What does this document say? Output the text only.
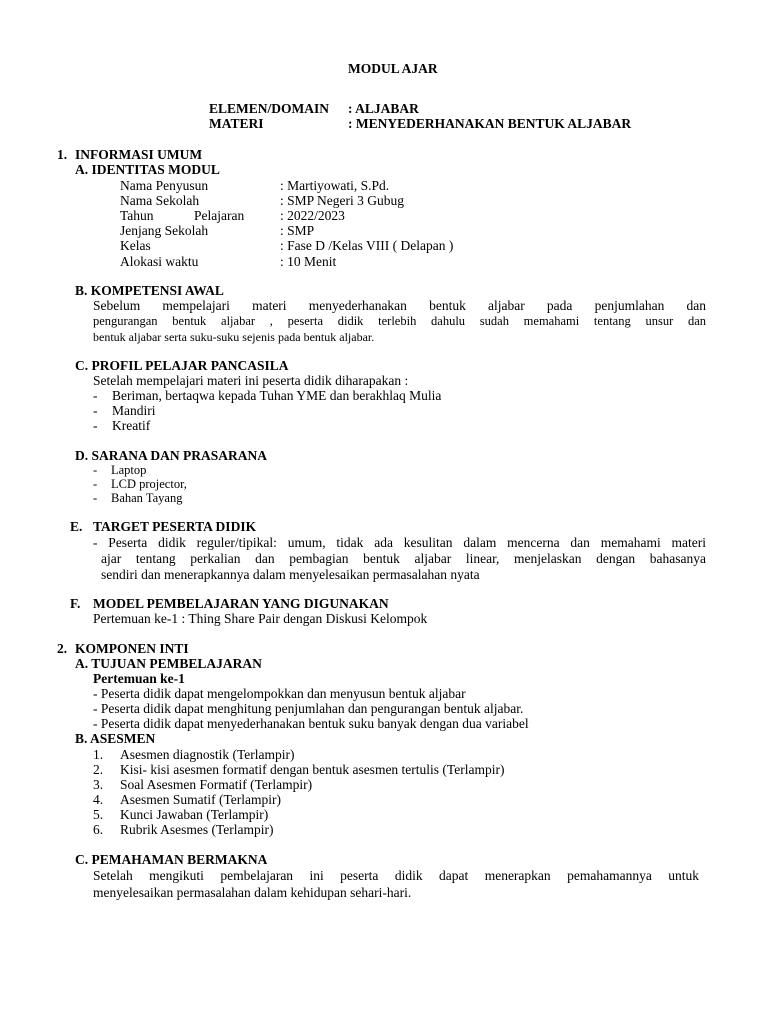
MODUL AJAR
ELEMEN/DOMAIN : ALJABAR
MATERI	: MENYEDERHANAKAN BENTUK ALJABAR
1. INFORMASI UMUM
A. IDENTITAS MODUL
Nama Penyusun	: Martiyowati, S.Pd.
Nama Sekolah	: SMP Negeri 3 Gubug
Tahun	Pelajaran	: 2022/2023
Jenjang Sekolah	: SMP
Kelas	: Fase D /Kelas VIII ( Delapan )
Alokasi waktu	: 10 Menit
B. KOMPETENSI AWAL
Sebelum mempelajari materi menyederhanakan bentuk aljabar pada penjumlahan dan
pengurangan bentuk aljabar , peserta didik terlebih dahulu sudah memahami tentang unsur dan
bentuk aljabar serta suku-suku sejenis pada bentuk aljabar.
C. PROFIL PELAJAR PANCASILA
Setelah mempelajari materi ini peserta didik diharapakan :
- Beriman, bertaqwa kepada Tuhan YME dan berakhlaq Mulia
- Mandiri
- Kreatif
D. SARANA DAN PRASARANA
- Laptop
- LCD projector,
- Bahan Tayang
E. TARGET PESERTA DIDIK
- Peserta didik reguler/tipikal: umum, tidak ada kesulitan dalam mencerna dan memahami materi
ajar tentang perkalian dan pembagian bentuk aljabar linear, menjelaskan dengan bahasanya
sendiri dan menerapkannya dalam menyelesaikan permasalahan nyata
F. MODEL PEMBELAJARAN YANG DIGUNAKAN
Pertemuan ke-1 : Thing Share Pair dengan Diskusi Kelompok
2. KOMPONEN INTI
A. TUJUAN PEMBELAJARAN
Pertemuan ke-1
- Peserta didik dapat mengelompokkan dan menyusun bentuk aljabar
- Peserta didik dapat menghitung penjumlahan dan pengurangan bentuk aljabar.
- Peserta didik dapat menyederhanakan bentuk suku banyak dengan dua variabel
B. ASESMEN
1. Asesmen diagnostik (Terlampir)
2. Kisi- kisi asesmen formatif dengan bentuk asesmen tertulis (Terlampir)
3. Soal Asesmen Formatif (Terlampir)
4. Asesmen Sumatif (Terlampir)
5. Kunci Jawaban (Terlampir)
6. Rubrik Asesmes (Terlampir)
C. PEMAHAMAN BERMAKNA
Setelah mengikuti pembelajaran ini peserta didik dapat menerapkan pemahamannya untuk
menyelesaikan permasalahan dalam kehidupan sehari-hari.
